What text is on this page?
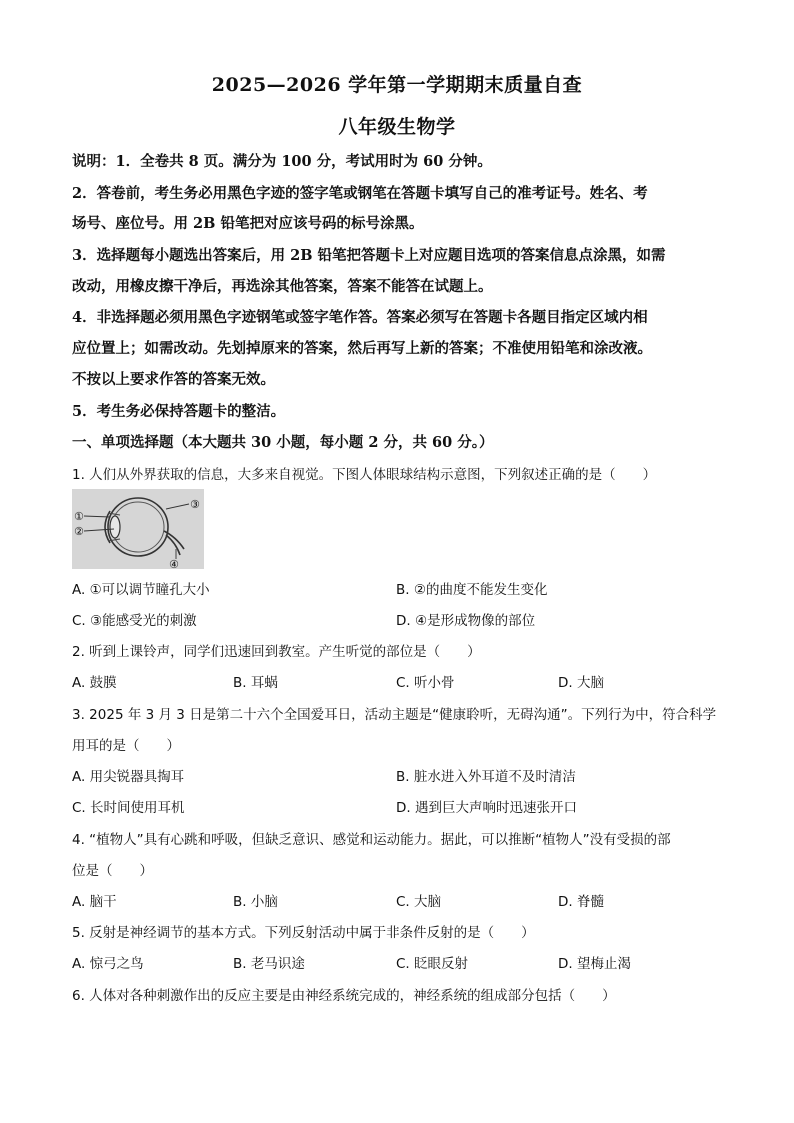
2025—2026 学年第一学期期末质量自查
八年级生物学
说明：1．全卷共 8 页。满分为 100 分，考试用时为 60 分钟。
2．答卷前，考生务必用黑色字迹的签字笔或钢笔在答题卡填写自己的准考证号。姓名、考
场号、座位号。用 2B 铅笔把对应该号码的标号涂黑。
3．选择题每小题选出答案后，用 2B 铅笔把答题卡上对应题目选项的答案信息点涂黑，如需
改动，用橡皮擦干净后，再选涂其他答案，答案不能答在试题上。
4．非选择题必须用黑色字迹钢笔或签字笔作答。答案必须写在答题卡各题目指定区域内相
应位置上；如需改动。先划掉原来的答案，然后再写上新的答案；不准使用铅笔和涂改液。
不按以上要求作答的答案无效。
5．考生务必保持答题卡的整洁。
一、单项选择题（本大题共 30 小题，每小题 2 分，共 60 分。）
1. 人们从外界获取的信息，大多来自视觉。下图人体眼球结构示意图，下列叙述正确的是（　　）
①
②
③
④
A. ①可以调节瞳孔大小	B. ②的曲度不能发生变化
C. ③能感受光的刺激	D. ④是形成物像的部位
2. 听到上课铃声，同学们迅速回到教室。产生听觉的部位是（　　）
A. 鼓膜	B. 耳蜗	C. 听小骨	D. 大脑
3. 2025 年 3 月 3 日是第二十六个全国爱耳日，活动主题是“健康聆听，无碍沟通”。下列行为中，符合科学
用耳的是（　　）
A. 用尖锐器具掏耳	B. 脏水进入外耳道不及时清洁
C. 长时间使用耳机	D. 遇到巨大声响时迅速张开口
4. “植物人”具有心跳和呼吸，但缺乏意识、感觉和运动能力。据此，可以推断“植物人”没有受损的部
位是（　　）
A. 脑干	B. 小脑	C. 大脑	D. 脊髓
5. 反射是神经调节的基本方式。下列反射活动中属于非条件反射的是（　　）
A. 惊弓之鸟	B. 老马识途	C. 眨眼反射	D. 望梅止渴
6. 人体对各种刺激作出的反应主要是由神经系统完成的，神经系统的组成部分包括（　　）
